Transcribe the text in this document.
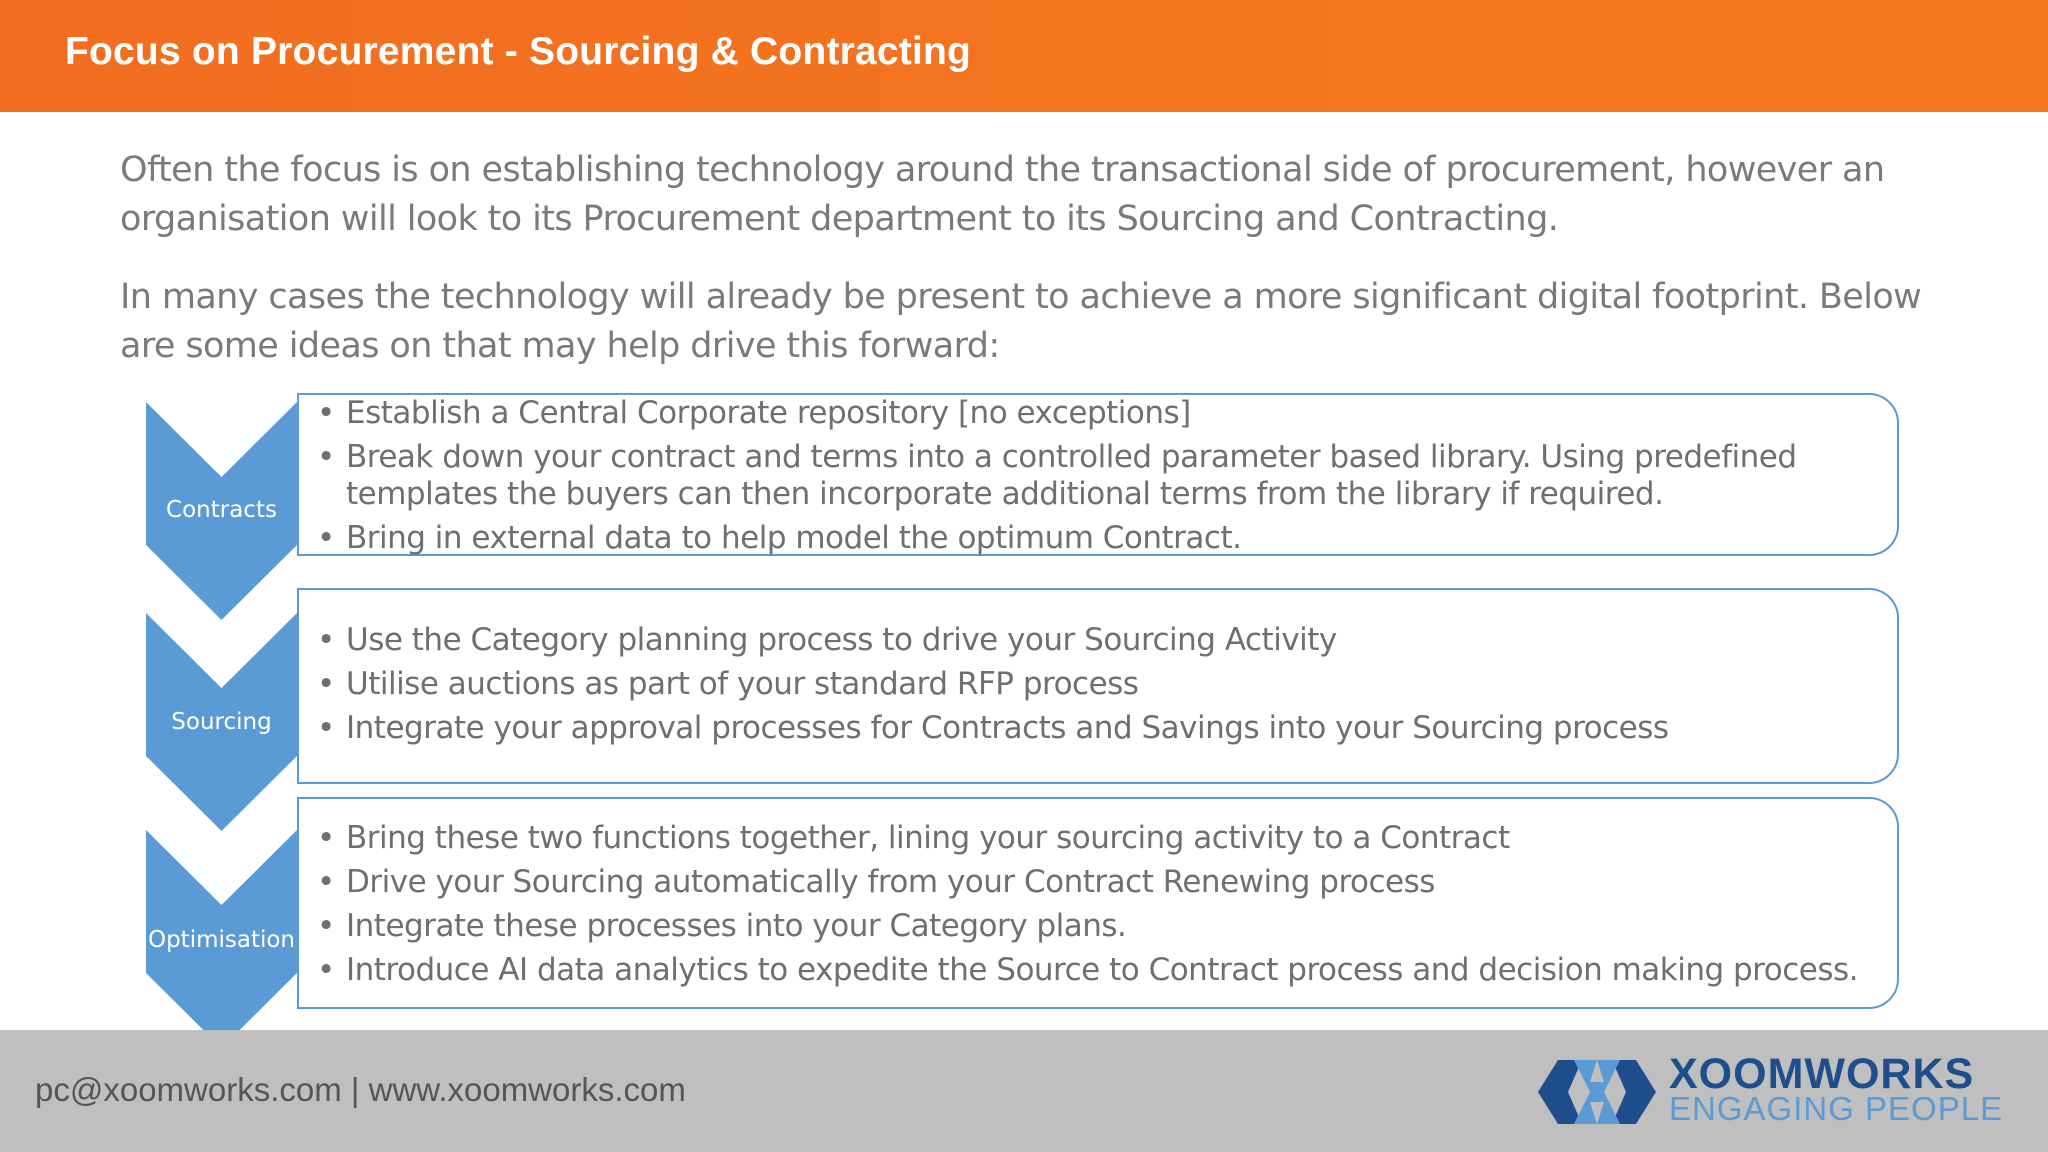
Focus on Procurement - Sourcing & Contracting

Often the focus is on establishing technology around the transactional side of procurement, however an organisation will look to its Procurement department to its Sourcing and Contracting.

In many cases the technology will already be present to achieve a more significant digital footprint. Below are some ideas on that may help drive this forward:

Contracts
• Establish a Central Corporate repository [no exceptions]
• Break down your contract and terms into a controlled parameter based library. Using predefined templates the buyers can then incorporate additional terms from the library if required.
• Bring in external data to help model the optimum Contract.
Sourcing
• Use the Category planning process to drive your Sourcing Activity
• Utilise auctions as part of your standard RFP process
• Integrate your approval processes for Contracts and Savings into your Sourcing process
Optimisation
• Bring these two functions together, lining your sourcing activity to a Contract
• Drive your Sourcing automatically from your Contract Renewing process
• Integrate these processes into your Category plans.
• Introduce AI data analytics to expedite the Source to Contract process and decision making process.
pc@xoomworks.com | www.xoomworks.com	XOOMWORKS
ENGAGING PEOPLE
